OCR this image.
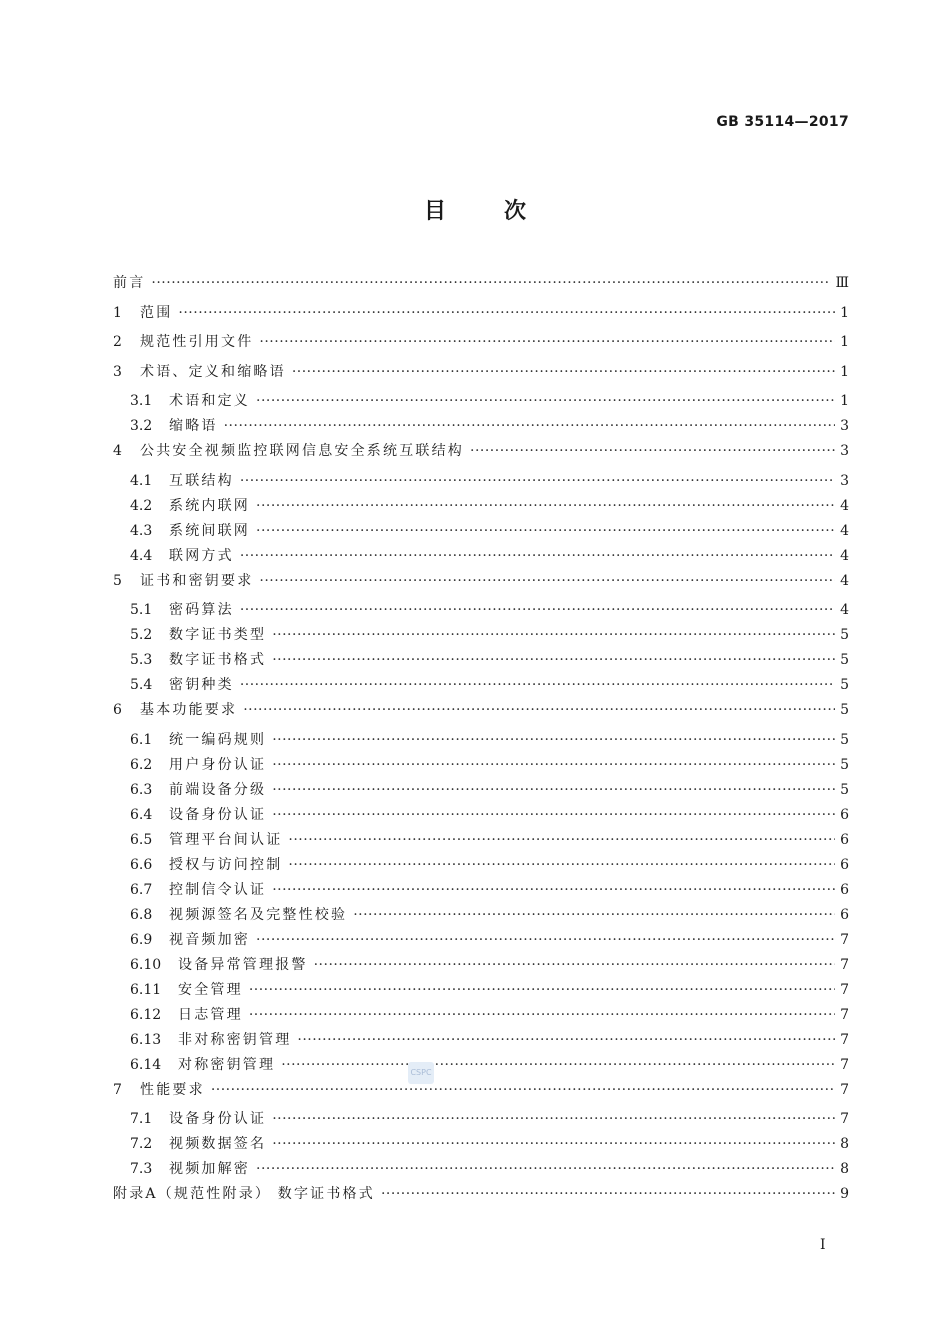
GB 35114—2017
目次
前言 ·····	Ⅲ
1	范围 ·····	1
2	规范性引用文件 ·····	1
3	术语、定义和缩略语 ·····	1
3.1	术语和定义 ·····	1
3.2	缩略语 ·····	3
4	公共安全视频监控联网信息安全系统互联结构 ·····	3
4.1	互联结构 ·····	3
4.2	系统内联网 ·····	4
4.3	系统间联网 ·····	4
4.4	联网方式 ·····	4
5	证书和密钥要求 ·····	4
5.1	密码算法 ·····	4
5.2	数字证书类型 ·····	5
5.3	数字证书格式 ·····	5
5.4	密钥种类 ·····	5
6	基本功能要求 ·····	5
6.1	统一编码规则 ·····	5
6.2	用户身份认证 ·····	5
6.3	前端设备分级 ·····	5
6.4	设备身份认证 ·····	6
6.5	管理平台间认证 ·····	6
6.6	授权与访问控制 ·····	6
6.7	控制信令认证 ·····	6
6.8	视频源签名及完整性校验 ·····	6
6.9	视音频加密 ·····	7
6.10	设备异常管理报警 ·····	7
6.11	安全管理 ·····	7
6.12	日志管理 ·····	7
6.13	非对称密钥管理 ·····	7
6.14	对称密钥管理 ·····	7
7	性能要求 ·····	7
7.1	设备身份认证 ·····	7
7.2	视频数据签名 ·····	8
7.3	视频加解密 ·····	8
附录A（规范性附录） 数字证书格式 ·····	9
CSPC
Ⅰ
